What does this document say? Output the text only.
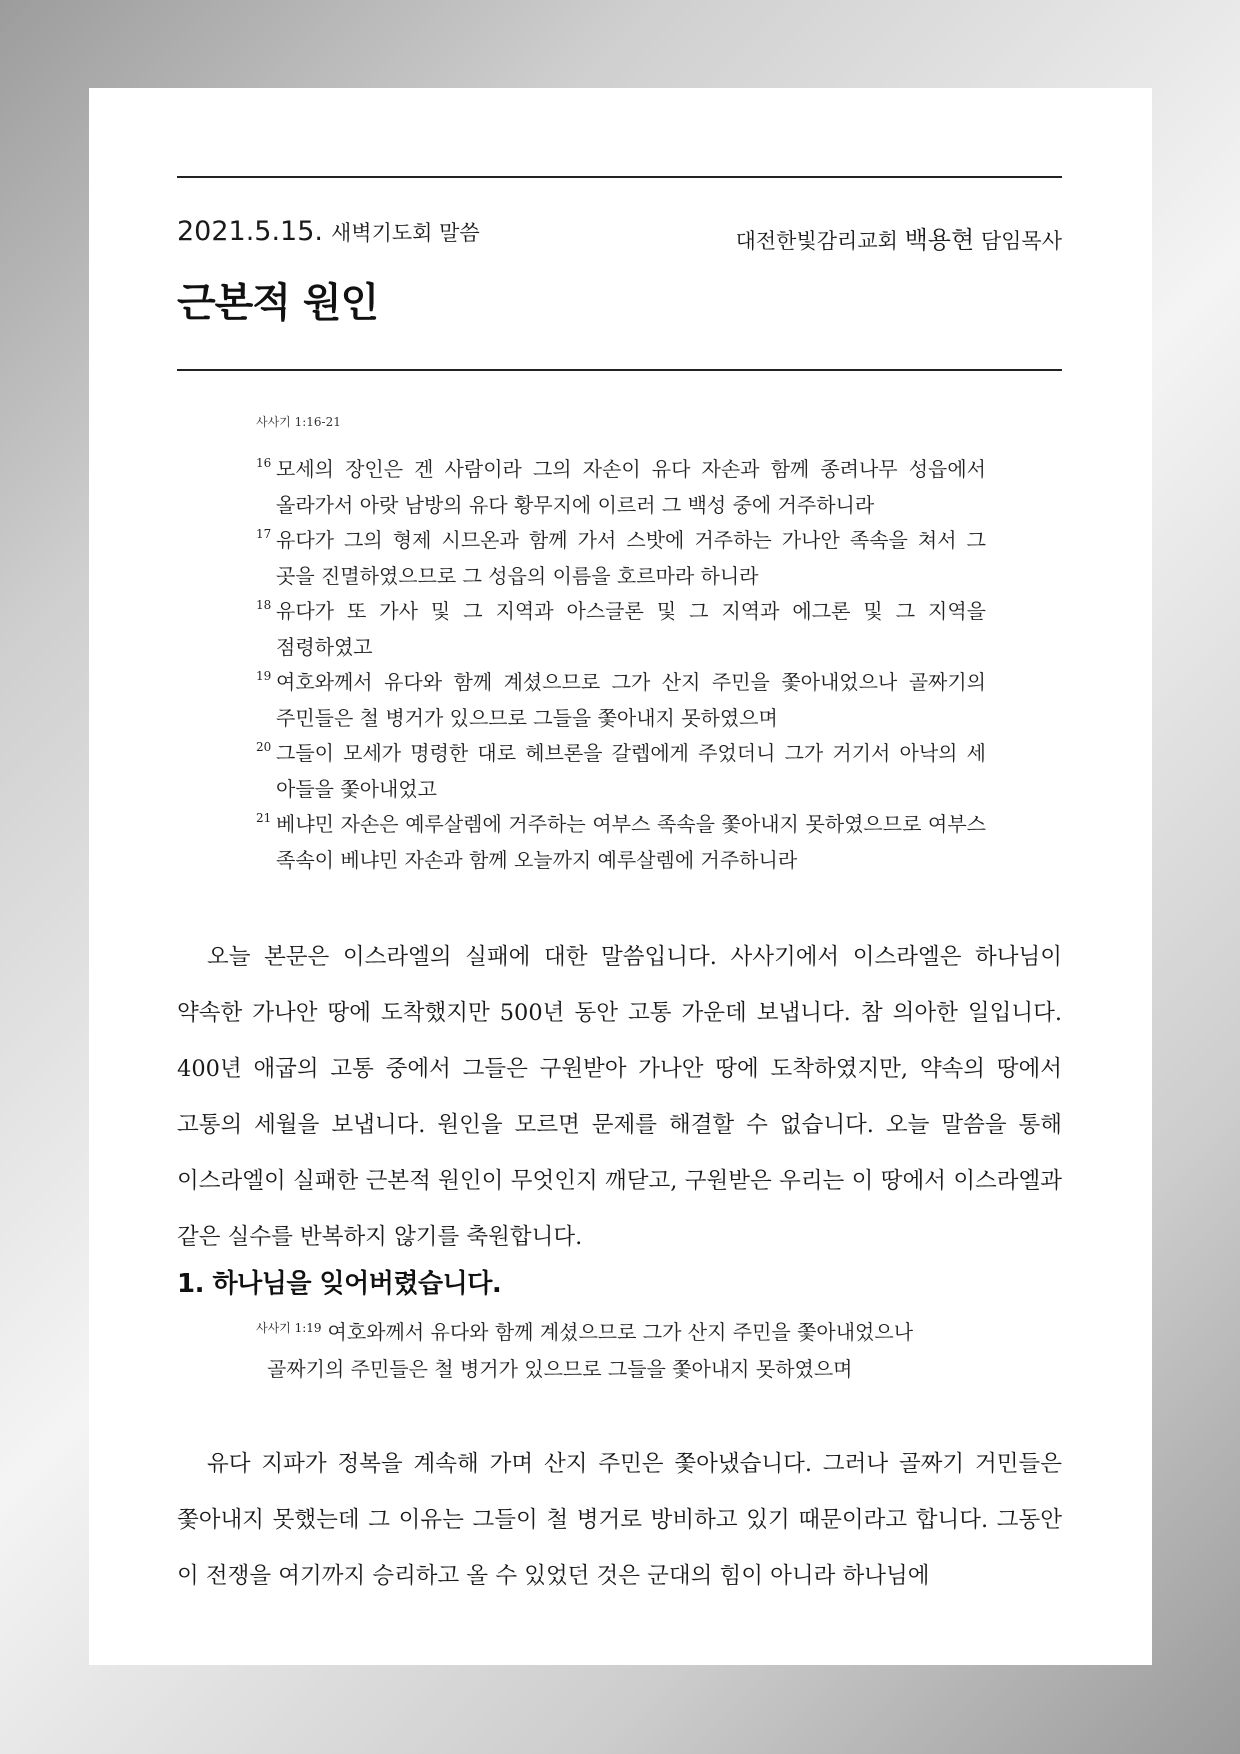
2021.5.15. 새벽기도회 말씀	대전한빛감리교회 백용현 담임목사
근본적 원인
사사기 1:16-21
16 모세의 장인은 겐 사람이라 그의 자손이 유다 자손과 함께 종려나무 성읍에서 올라가서 아랏 남방의 유다 황무지에 이르러 그 백성 중에 거주하니라
17 유다가 그의 형제 시므온과 함께 가서 스밧에 거주하는 가나안 족속을 쳐서 그 곳을 진멸하였으므로 그 성읍의 이름을 호르마라 하니라
18 유다가 또 가사 및 그 지역과 아스글론 및 그 지역과 에그론 및 그 지역을 점령하였고
19 여호와께서 유다와 함께 계셨으므로 그가 산지 주민을 쫓아내었으나 골짜기의 주민들은 철 병거가 있으므로 그들을 쫓아내지 못하였으며
20 그들이 모세가 명령한 대로 헤브론을 갈렙에게 주었더니 그가 거기서 아낙의 세 아들을 쫓아내었고
21 베냐민 자손은 예루살렘에 거주하는 여부스 족속을 쫓아내지 못하였으므로 여부스 족속이 베냐민 자손과 함께 오늘까지 예루살렘에 거주하니라

오늘 본문은 이스라엘의 실패에 대한 말씀입니다. 사사기에서 이스라엘은 하나님이 약속한 가나안 땅에 도착했지만 500년 동안 고통 가운데 보냅니다. 참 의아한 일입니다. 400년 애굽의 고통 중에서 그들은 구원받아 가나안 땅에 도착하였지만, 약속의 땅에서 고통의 세월을 보냅니다. 원인을 모르면 문제를 해결할 수 없습니다. 오늘 말씀을 통해 이스라엘이 실패한 근본적 원인이 무엇인지 깨닫고, 구원받은 우리는 이 땅에서 이스라엘과 같은 실수를 반복하지 않기를 축원합니다.

1. 하나님을 잊어버렸습니다.
$^{사사기 1:19}$ 여호와께서 유다와 함께 계셨으므로 그가 산지 주민을 쫓아내었으나
골짜기의 주민들은 철 병거가 있으므로 그들을 쫓아내지 못하였으며

유다 지파가 정복을 계속해 가며 산지 주민은 쫓아냈습니다. 그러나 골짜기 거민들은 쫓아내지 못했는데 그 이유는 그들이 철 병거로 방비하고 있기 때문이라고 합니다. 그동안 이 전쟁을 여기까지 승리하고 올 수 있었던 것은 군대의 힘이 아니라 하나님에
